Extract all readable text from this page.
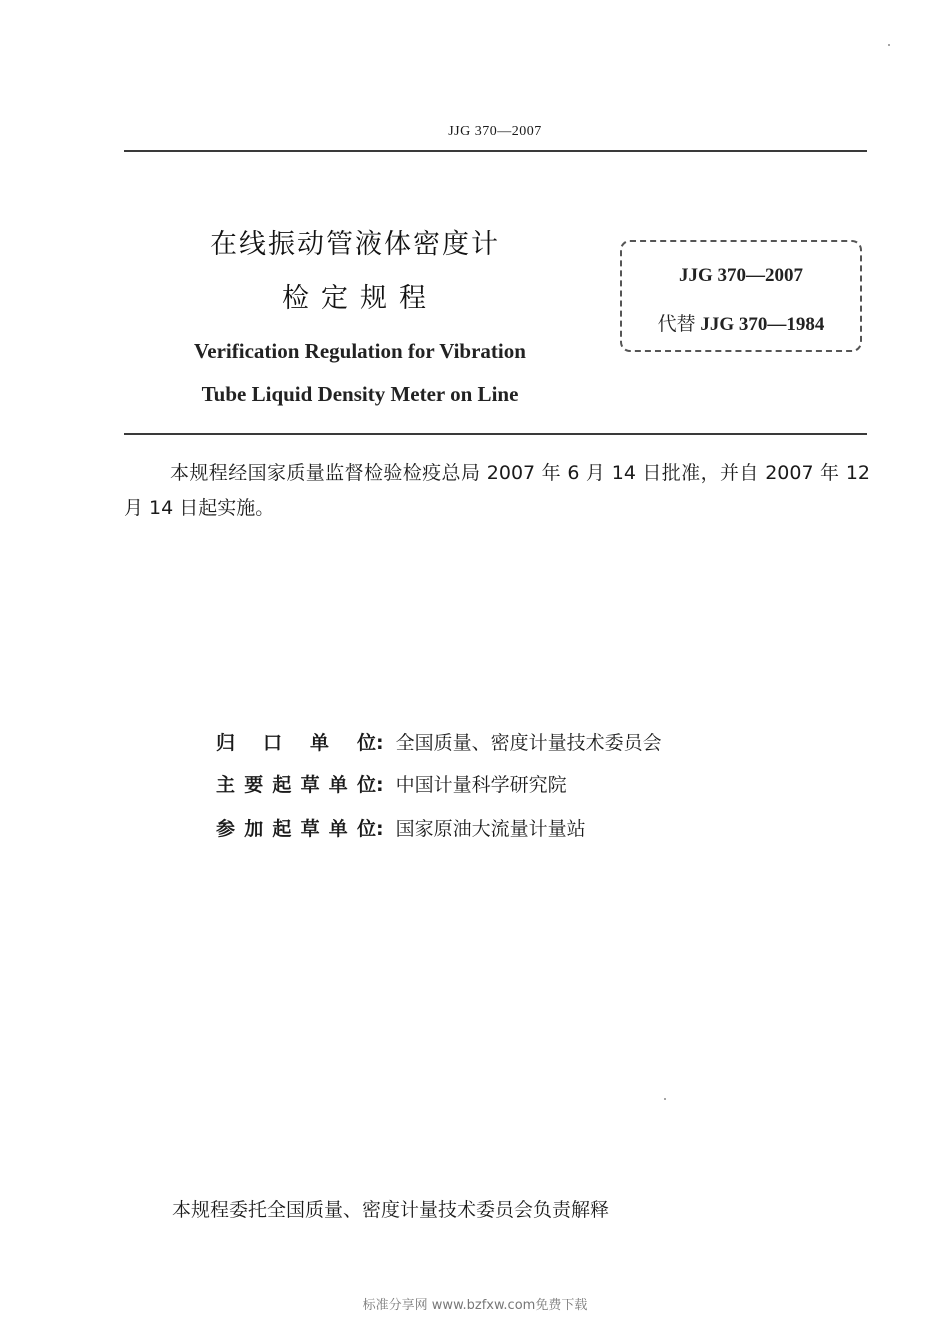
JJG 370—2007
在线振动管液体密度计
检定规程
Verification Regulation for Vibration
Tube Liquid Density Meter on Line
JJG 370—2007
代替 JJG 370—1984
本规程经国家质量监督检验检疫总局 2007 年 6 月 14 日批准，并自 2007 年 12 月 14 日起实施。
归口单位: 全国质量、密度计量技术委员会
主要起草单位: 中国计量科学研究院
参加起草单位: 国家原油大流量计量站
本规程委托全国质量、密度计量技术委员会负责解释
标准分享网 www.bzfxw.com免费下载
